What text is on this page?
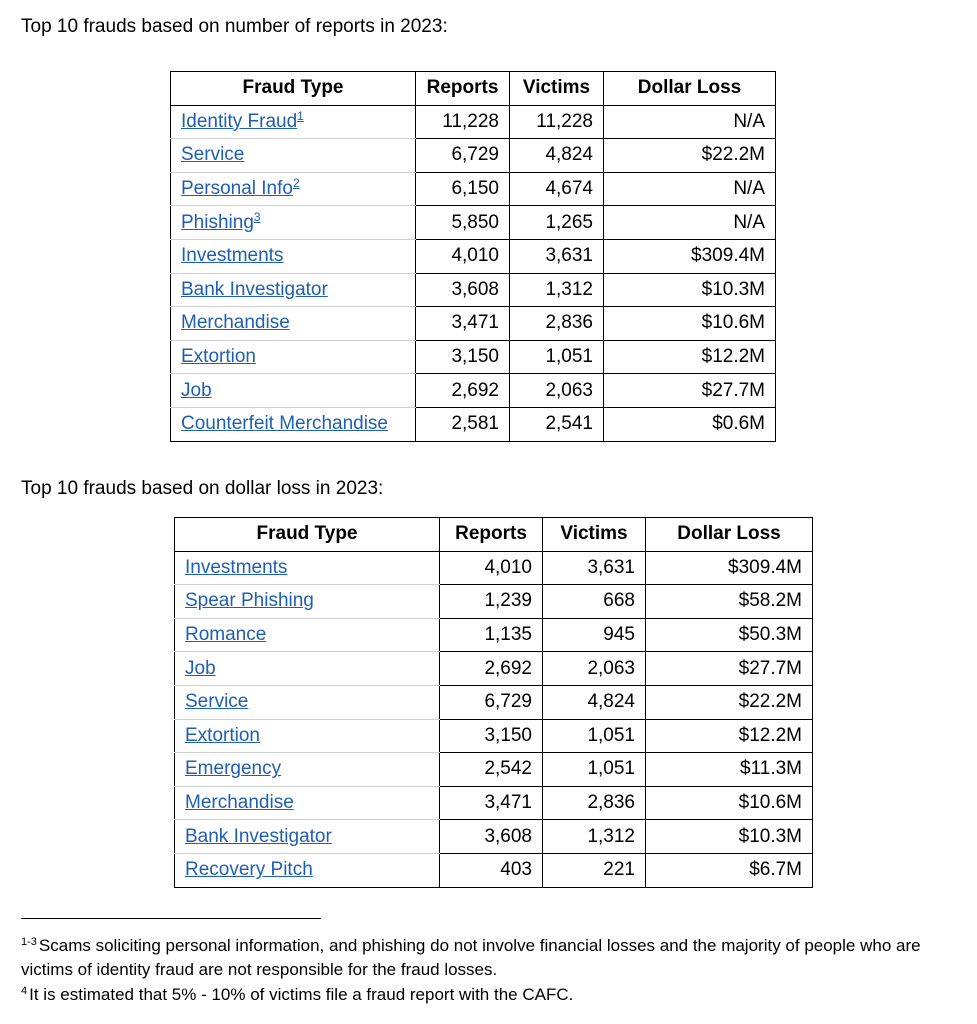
Top 10 frauds based on number of reports in 2023:
Fraud Type	Reports	Victims	Dollar Loss
Identity Fraud$^1$	11,228	11,228	N/A
Service	6,729	4,824	$22.2M
Personal Info$^2$	6,150	4,674	N/A
Phishing$^3$	5,850	1,265	N/A
Investments	4,010	3,631	$309.4M
Bank Investigator	3,608	1,312	$10.3M
Merchandise	3,471	2,836	$10.6M
Extortion	3,150	1,051	$12.2M
Job	2,692	2,063	$27.7M
Counterfeit Merchandise	2,581	2,541	$0.6M
Top 10 frauds based on dollar loss in 2023:
Fraud Type	Reports	Victims	Dollar Loss
Investments	4,010	3,631	$309.4M
Spear Phishing	1,239	668	$58.2M
Romance	1,135	945	$50.3M
Job	2,692	2,063	$27.7M
Service	6,729	4,824	$22.2M
Extortion	3,150	1,051	$12.2M
Emergency	2,542	1,051	$11.3M
Merchandise	3,471	2,836	$10.6M
Bank Investigator	3,608	1,312	$10.3M
Recovery Pitch	403	221	$6.7M

$^{1-3}$ Scams soliciting personal information, and phishing do not involve financial losses and the majority of people who are victims of identity fraud are not responsible for the fraud losses.

$^4$ It is estimated that 5% - 10% of victims file a fraud report with the CAFC.
